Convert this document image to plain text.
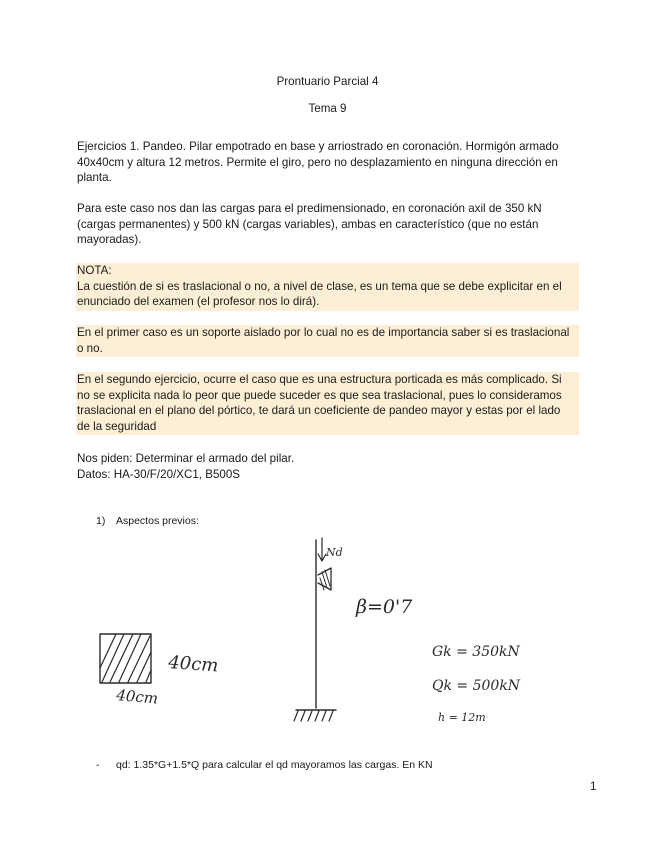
Prontuario Parcial 4
Tema 9
Ejercicios 1. Pandeo. Pilar empotrado en base y arriostrado en coronación. Hormigón armado
40x40cm y altura 12 metros. Permite el giro, pero no desplazamiento en ninguna dirección en
planta.
Para este caso nos dan las cargas para el predimensionado, en coronación axil de 350 kN
(cargas permanentes) y 500 kN (cargas variables), ambas en característico (que no están
mayoradas).
NOTA:
La cuestión de si es traslacional o no, a nivel de clase, es un tema que se debe explicitar en el
enunciado del examen (el profesor nos lo dirá).
En el primer caso es un soporte aislado por lo cual no es de importancia saber si es traslacional
o no.
En el segundo ejercicio, ocurre el caso que es una estructura porticada es más complicado. Si
no se explicita nada lo peor que puede suceder es que sea traslacional, pues lo consideramos
traslacional en el plano del pórtico, te dará un coeficiente de pandeo mayor y estas por el lado
de la seguridad
Nos piden: Determinar el armado del pilar.
Datos: HA-30/F/20/XC1, B500S
1) Aspectos previos:
Nd
β=0'7
40cm
40cm
Gk = 350kN
Qk = 500kN
h = 12m
- qd: 1.35*G+1.5*Q para calcular el qd mayoramos las cargas. En KN
1
